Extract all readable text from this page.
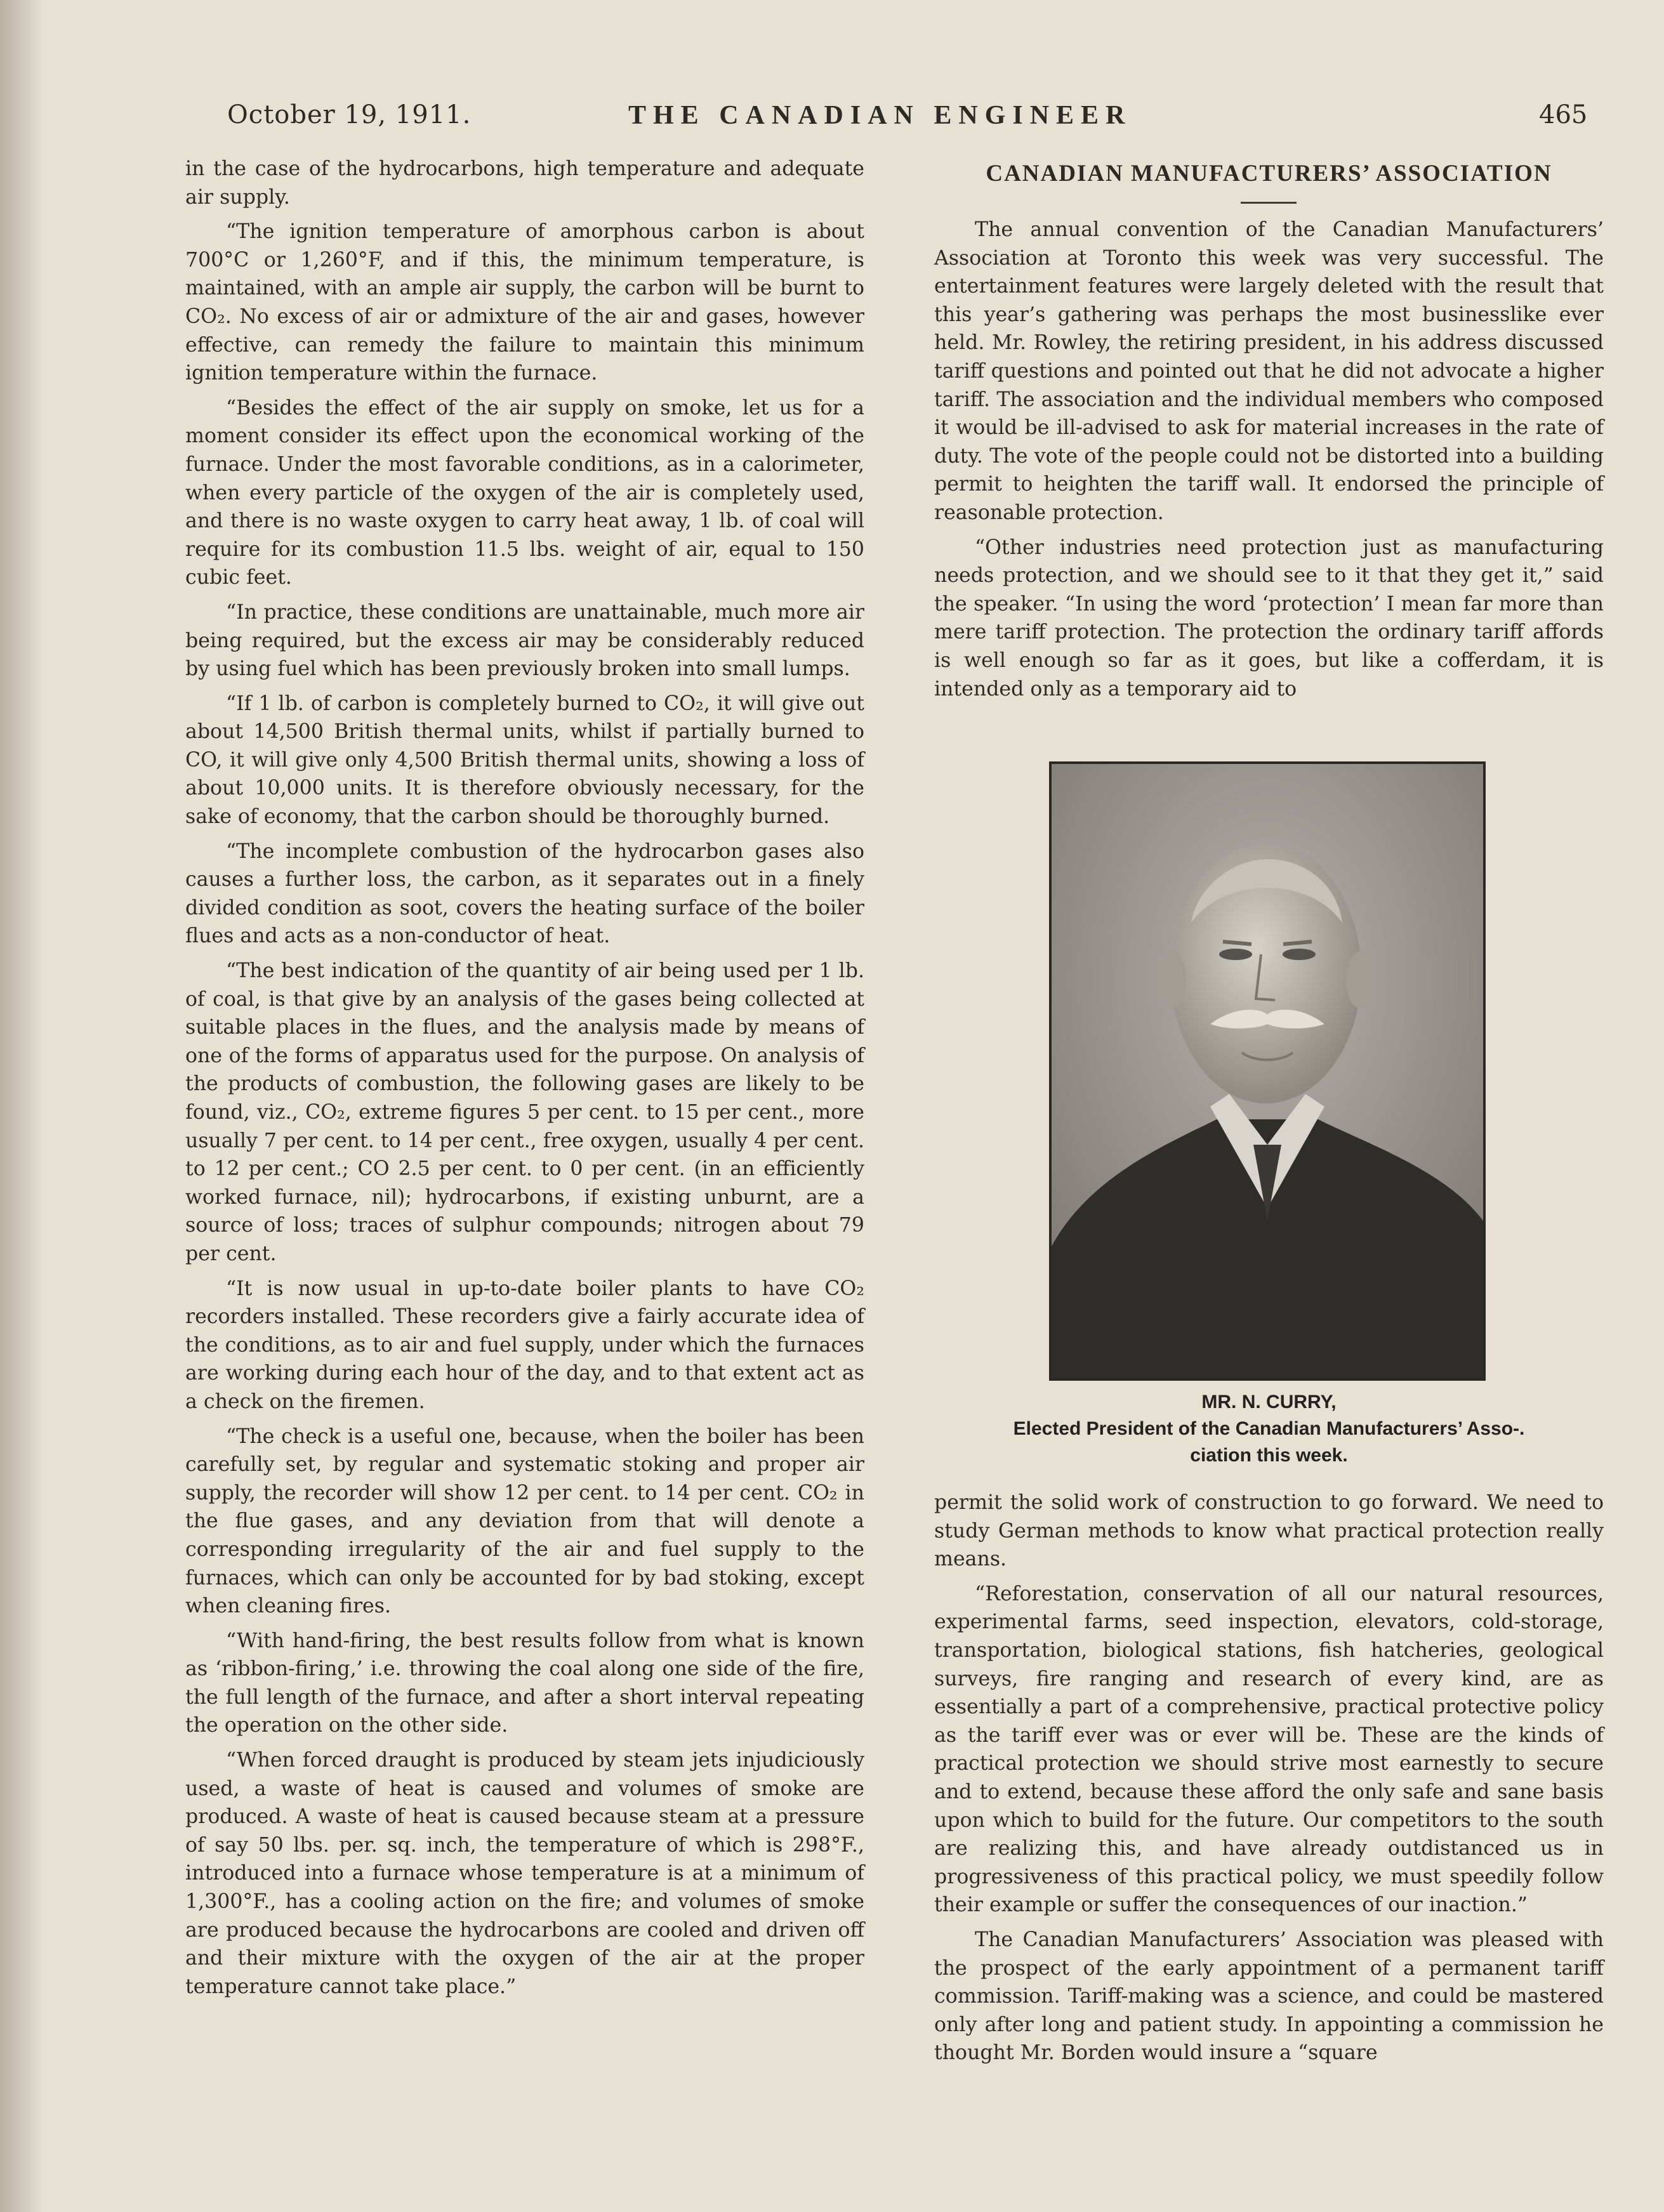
October 19, 1911.	THE CANADIAN ENGINEER	465

in the case of the hydrocarbons, high temperature and adequate air supply.

“The ignition temperature of amorphous carbon is about 700°C or 1,260°F, and if this, the minimum temperature, is maintained, with an ample air supply, the carbon will be burnt to CO₂. No excess of air or admixture of the air and gases, however effective, can remedy the failure to maintain this minimum ignition temperature within the furnace.

“Besides the effect of the air supply on smoke, let us for a moment consider its effect upon the economical working of the furnace. Under the most favorable conditions, as in a calorimeter, when every particle of the oxygen of the air is completely used, and there is no waste oxygen to carry heat away, 1 lb. of coal will require for its combustion 11.5 lbs. weight of air, equal to 150 cubic feet.

“In practice, these conditions are unattainable, much more air being required, but the excess air may be considerably reduced by using fuel which has been previously broken into small lumps.

“If 1 lb. of carbon is completely burned to CO₂, it will give out about 14,500 British thermal units, whilst if partially burned to CO, it will give only 4,500 British thermal units, showing a loss of about 10,000 units. It is therefore obviously necessary, for the sake of economy, that the carbon should be thoroughly burned.

“The incomplete combustion of the hydrocarbon gases also causes a further loss, the carbon, as it separates out in a finely divided condition as soot, covers the heating surface of the boiler flues and acts as a non-conductor of heat.

“The best indication of the quantity of air being used per 1 lb. of coal, is that give by an analysis of the gases being collected at suitable places in the flues, and the analysis made by means of one of the forms of apparatus used for the purpose. On analysis of the products of combustion, the following gases are likely to be found, viz., CO₂, extreme figures 5 per cent. to 15 per cent., more usually 7 per cent. to 14 per cent., free oxygen, usually 4 per cent. to 12 per cent.; CO 2.5 per cent. to 0 per cent. (in an efficiently worked furnace, nil); hydrocarbons, if existing unburnt, are a source of loss; traces of sulphur compounds; nitrogen about 79 per cent.

“It is now usual in up-to-date boiler plants to have CO₂ recorders installed. These recorders give a fairly accurate idea of the conditions, as to air and fuel supply, under which the furnaces are working during each hour of the day, and to that extent act as a check on the firemen.

“The check is a useful one, because, when the boiler has been carefully set, by regular and systematic stoking and proper air supply, the recorder will show 12 per cent. to 14 per cent. CO₂ in the flue gases, and any deviation from that will denote a corresponding irregularity of the air and fuel supply to the furnaces, which can only be accounted for by bad stoking, except when cleaning fires.

“With hand-firing, the best results follow from what is known as ‘ribbon-firing,’ i.e. throwing the coal along one side of the fire, the full length of the furnace, and after a short interval repeating the operation on the other side.

“When forced draught is produced by steam jets injudiciously used, a waste of heat is caused and volumes of smoke are produced. A waste of heat is caused because steam at a pressure of say 50 lbs. per. sq. inch, the temperature of which is 298°F., introduced into a furnace whose temperature is at a minimum of 1,300°F., has a cooling action on the fire; and volumes of smoke are produced because the hydrocarbons are cooled and driven off and their mixture with the oxygen of the air at the proper temperature cannot take place.”

CANADIAN MANUFACTURERS’ ASSOCIATION

The annual convention of the Canadian Manufacturers’ Association at Toronto this week was very successful. The entertainment features were largely deleted with the result that this year’s gathering was perhaps the most businesslike ever held. Mr. Rowley, the retiring president, in his address discussed tariff questions and pointed out that he did not advocate a higher tariff. The association and the individual members who composed it would be ill-advised to ask for material increases in the rate of duty. The vote of the people could not be distorted into a building permit to heighten the tariff wall. It endorsed the principle of reasonable protection.

“Other industries need protection just as manufacturing needs protection, and we should see to it that they get it,” said the speaker. “In using the word ‘protection’ I mean far more than mere tariff protection. The protection the ordinary tariff affords is well enough so far as it goes, but like a cofferdam, it is intended only as a temporary aid to

MR. N. CURRY,
Elected President of the Canadian Manufacturers’ Asso-.
ciation this week.

permit the solid work of construction to go forward. We need to study German methods to know what practical protection really means.

“Reforestation, conservation of all our natural resources, experimental farms, seed inspection, elevators, cold-storage, transportation, biological stations, fish hatcheries, geological surveys, fire ranging and research of every kind, are as essentially a part of a comprehensive, practical protective policy as the tariff ever was or ever will be. These are the kinds of practical protection we should strive most earnestly to secure and to extend, because these afford the only safe and sane basis upon which to build for the future. Our competitors to the south are realizing this, and have already outdistanced us in progressiveness of this practical policy, we must speedily follow their example or suffer the consequences of our inaction.”

The Canadian Manufacturers’ Association was pleased with the prospect of the early appointment of a permanent tariff commission. Tariff-making was a science, and could be mastered only after long and patient study. In appointing a commission he thought Mr. Borden would insure a “square
